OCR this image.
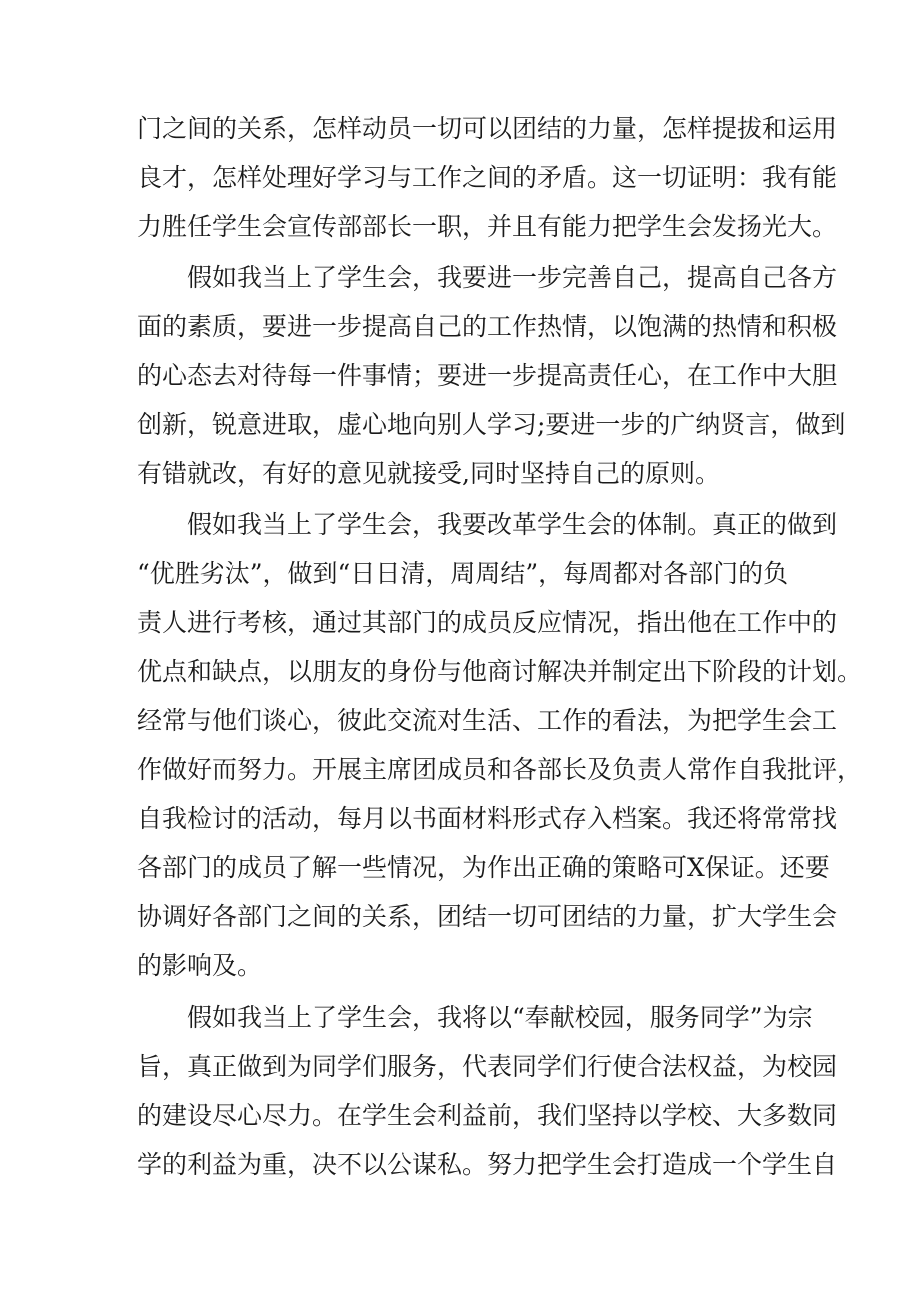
门之间的关系，怎样动员一切可以团结的力量，怎样提拔和运用
良才，怎样处理好学习与工作之间的矛盾。这一切证明：我有能
力胜任学生会宣传部部长一职，并且有能力把学生会发扬光大。
假如我当上了学生会，我要进一步完善自己，提高自己各方
面的素质，要进一步提高自己的工作热情，以饱满的热情和积极
的心态去对待每一件事情；要进一步提高责任心，在工作中大胆
创新，锐意进取，虚心地向别人学习;要进一步的广纳贤言，做到
有错就改，有好的意见就接受,同时坚持自己的原则。
假如我当上了学生会，我要改革学生会的体制。真正的做到
“优胜劣汰”，做到“日日清，周周结”，每周都对各部门的负
责人进行考核，通过其部门的成员反应情况，指出他在工作中的
优点和缺点，以朋友的身份与他商讨解决并制定出下阶段的计划。
经常与他们谈心，彼此交流对生活、工作的看法，为把学生会工
作做好而努力。开展主席团成员和各部长及负责人常作自我批评，
自我检讨的活动，每月以书面材料形式存入档案。我还将常常找
各部门的成员了解一些情况，为作出正确的策略可X保证。还要
协调好各部门之间的关系，团结一切可团结的力量，扩大学生会
的影响及。
假如我当上了学生会，我将以“奉献校园，服务同学”为宗
旨，真正做到为同学们服务，代表同学们行使合法权益，为校园
的建设尽心尽力。在学生会利益前，我们坚持以学校、大多数同
学的利益为重，决不以公谋私。努力把学生会打造成一个学生自
